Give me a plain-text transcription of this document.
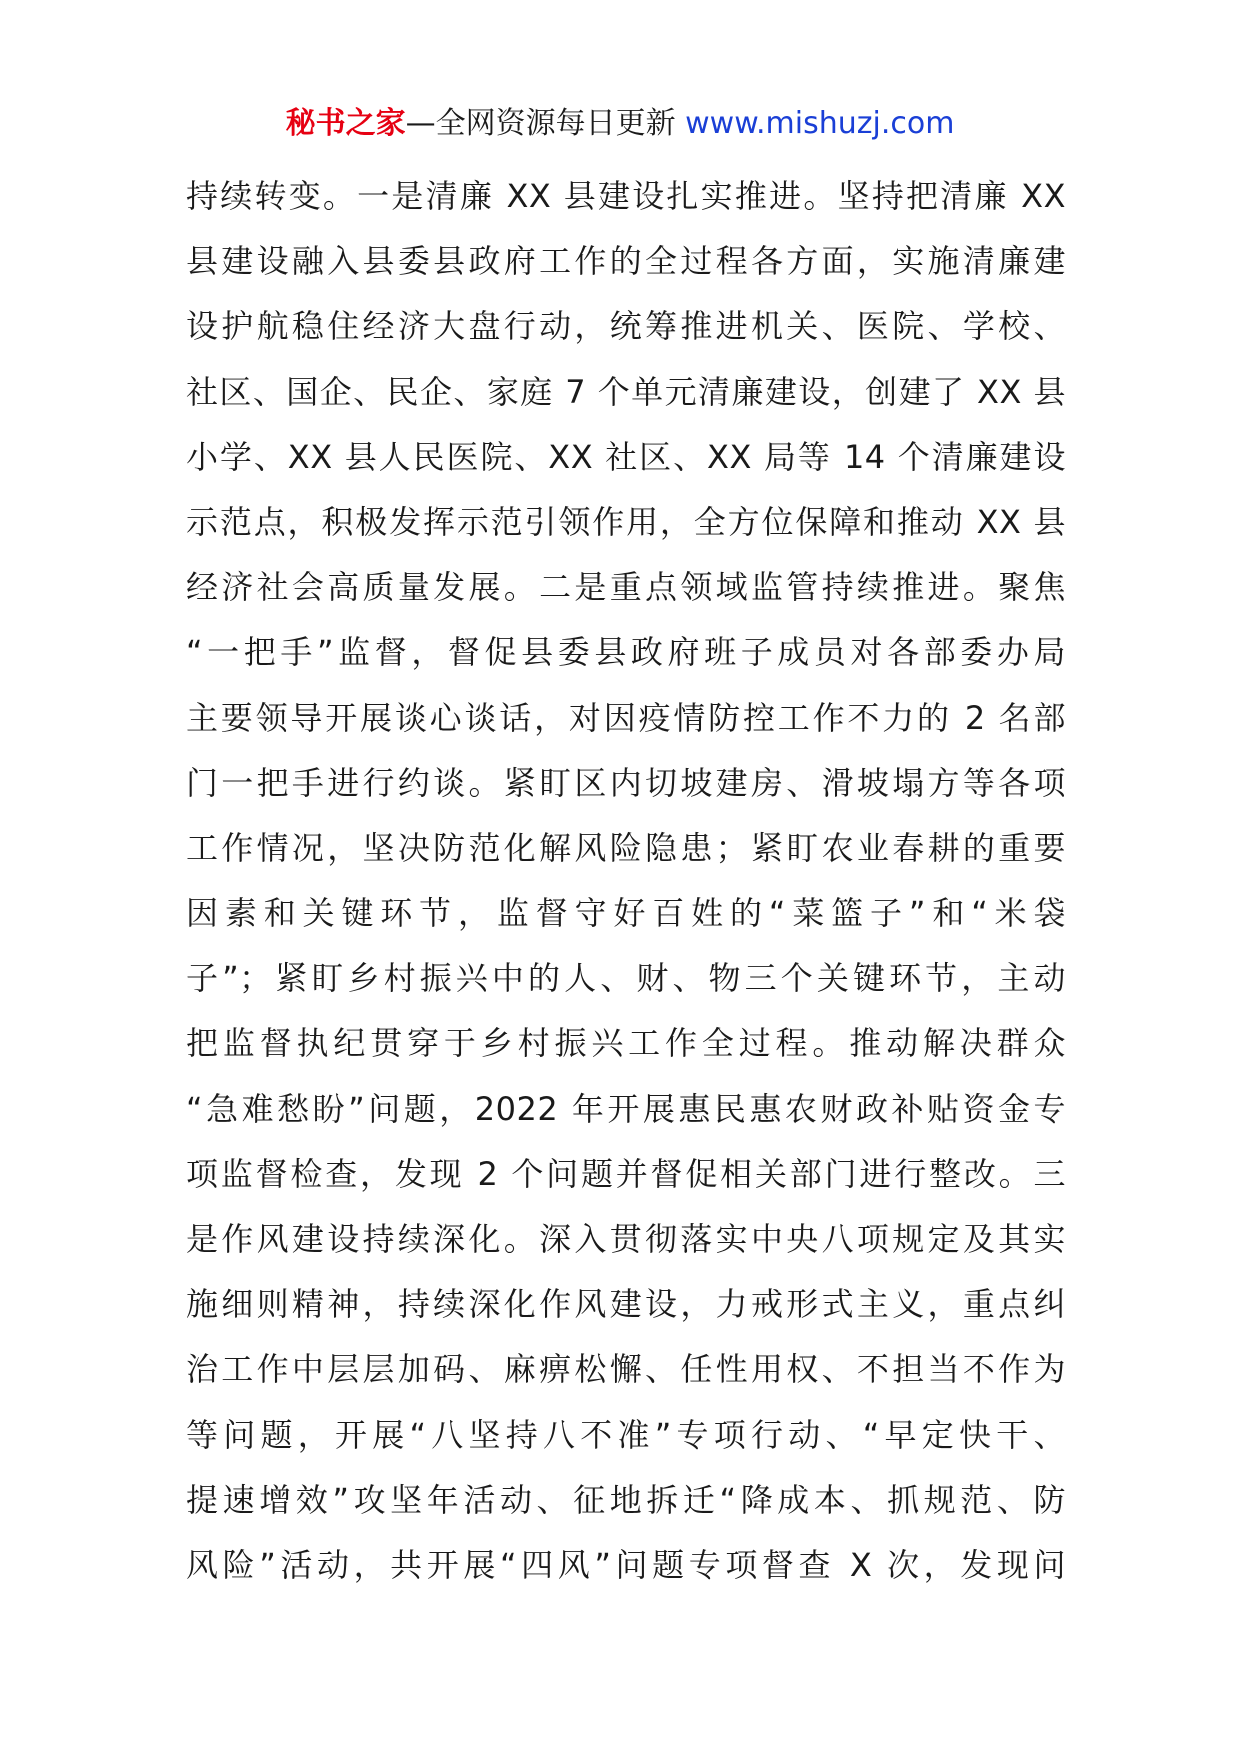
秘书之家—全网资源每日更新 www.mishuzj.com
持续转变。一是清廉 XX 县建设扎实推进。坚持把清廉 XX
县建设融入县委县政府工作的全过程各方面，实施清廉建
设护航稳住经济大盘行动，统筹推进机关、医院、学校、
社区、国企、民企、家庭 7 个单元清廉建设，创建了 XX 县
小学、XX 县人民医院、XX 社区、XX 局等 14 个清廉建设
示范点，积极发挥示范引领作用，全方位保障和推动 XX 县
经济社会高质量发展。二是重点领域监管持续推进。聚焦
“一把手”监督，督促县委县政府班子成员对各部委办局
主要领导开展谈心谈话，对因疫情防控工作不力的 2 名部
门一把手进行约谈。紧盯区内切坡建房、滑坡塌方等各项
工作情况，坚决防范化解风险隐患；紧盯农业春耕的重要
因素和关键环节，监督守好百姓的“菜篮子”和“米袋
子”；紧盯乡村振兴中的人、财、物三个关键环节，主动
把监督执纪贯穿于乡村振兴工作全过程。推动解决群众
“急难愁盼”问题，2022 年开展惠民惠农财政补贴资金专
项监督检查，发现 2 个问题并督促相关部门进行整改。三
是作风建设持续深化。深入贯彻落实中央八项规定及其实
施细则精神，持续深化作风建设，力戒形式主义，重点纠
治工作中层层加码、麻痹松懈、任性用权、不担当不作为
等问题，开展“八坚持八不准”专项行动、“早定快干、
提速增效”攻坚年活动、征地拆迁“降成本、抓规范、防
风险”活动，共开展“四风”问题专项督查 X 次，发现问
